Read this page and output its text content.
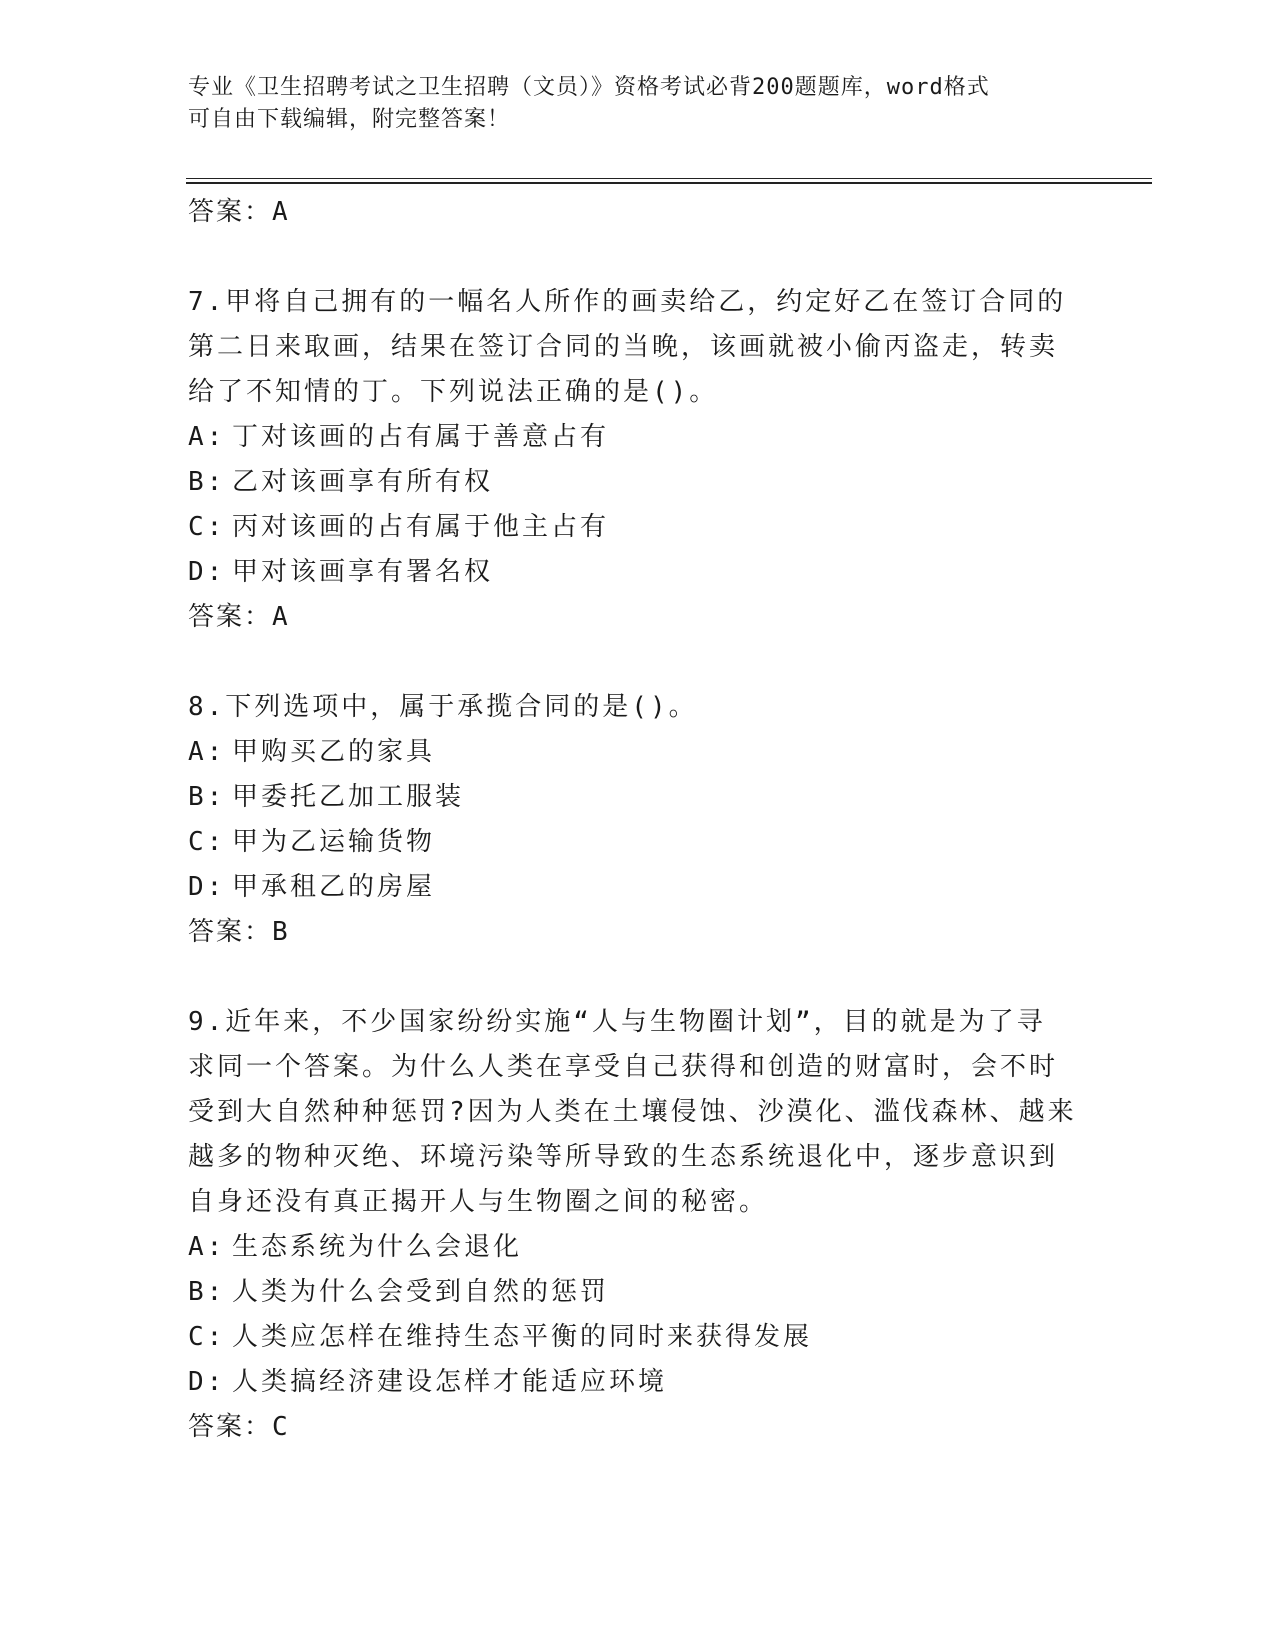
专业《卫生招聘考试之卫生招聘（文员）》资格考试必背200题题库，word格式
可自由下载编辑，附完整答案！
答案：A
7.甲将自己拥有的一幅名人所作的画卖给乙，约定好乙在签订合同的
第二日来取画，结果在签订合同的当晚，该画就被小偷丙盗走，转卖
给了不知情的丁。下列说法正确的是()。
A: 丁对该画的占有属于善意占有
B: 乙对该画享有所有权
C: 丙对该画的占有属于他主占有
D: 甲对该画享有署名权
答案：A
8.下列选项中，属于承揽合同的是()。
A: 甲购买乙的家具
B: 甲委托乙加工服装
C: 甲为乙运输货物
D: 甲承租乙的房屋
答案：B
9.近年来，不少国家纷纷实施“人与生物圈计划”，目的就是为了寻
求同一个答案。为什么人类在享受自己获得和创造的财富时，会不时
受到大自然种种惩罚?因为人类在土壤侵蚀、沙漠化、滥伐森林、越来
越多的物种灭绝、环境污染等所导致的生态系统退化中，逐步意识到
自身还没有真正揭开人与生物圈之间的秘密。
A: 生态系统为什么会退化
B: 人类为什么会受到自然的惩罚
C: 人类应怎样在维持生态平衡的同时来获得发展
D: 人类搞经济建设怎样才能适应环境
答案：C
